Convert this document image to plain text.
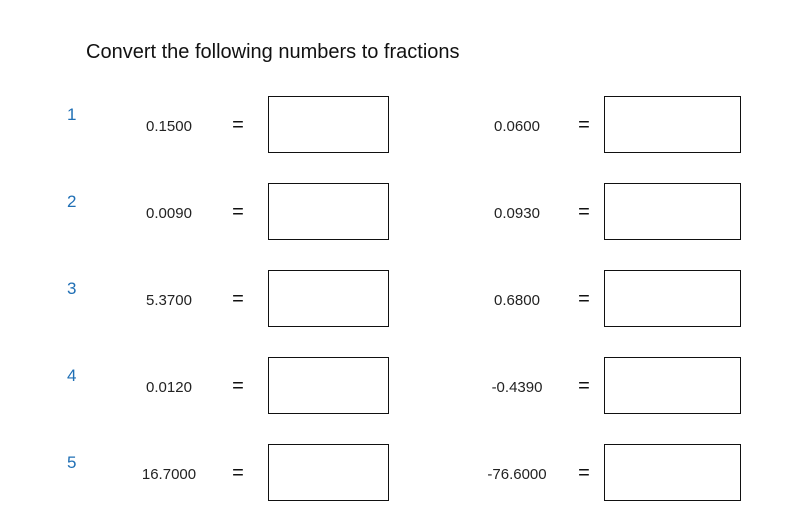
Convert the following numbers to fractions
1
0.1500	=	0.0600	=
2
0.0090	=	0.0930	=
3
5.3700	=	0.6800	=
4
0.0120	=	-0.4390	=
5
16.7000	=	-76.6000	=
